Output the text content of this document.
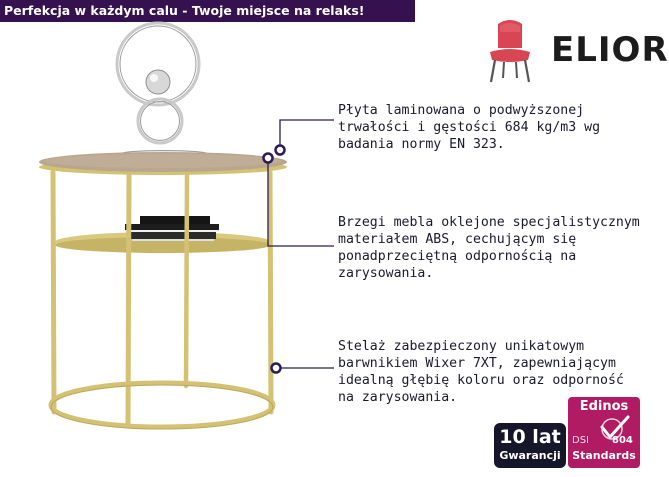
Perfekcja w każdym calu - Twoje miejsce na relaks!
ELIOR

Płyta laminowana o podwyższonej
trwałości i gęstości 684 kg/m3 wg
badania normy EN 323.

Brzegi mebla oklejone specjalistycznym
materiałem ABS, cechującym się
ponadprzeciętną odpornością na
zarysowania.

Stelaż zabezpieczony unikatowym
barwnikiem Wixer 7XT, zapewniającym
idealną głębię koloru oraz odporność
na zarysowania.

10 lat
Gwarancji
Edinos
DSI 804
Standards
